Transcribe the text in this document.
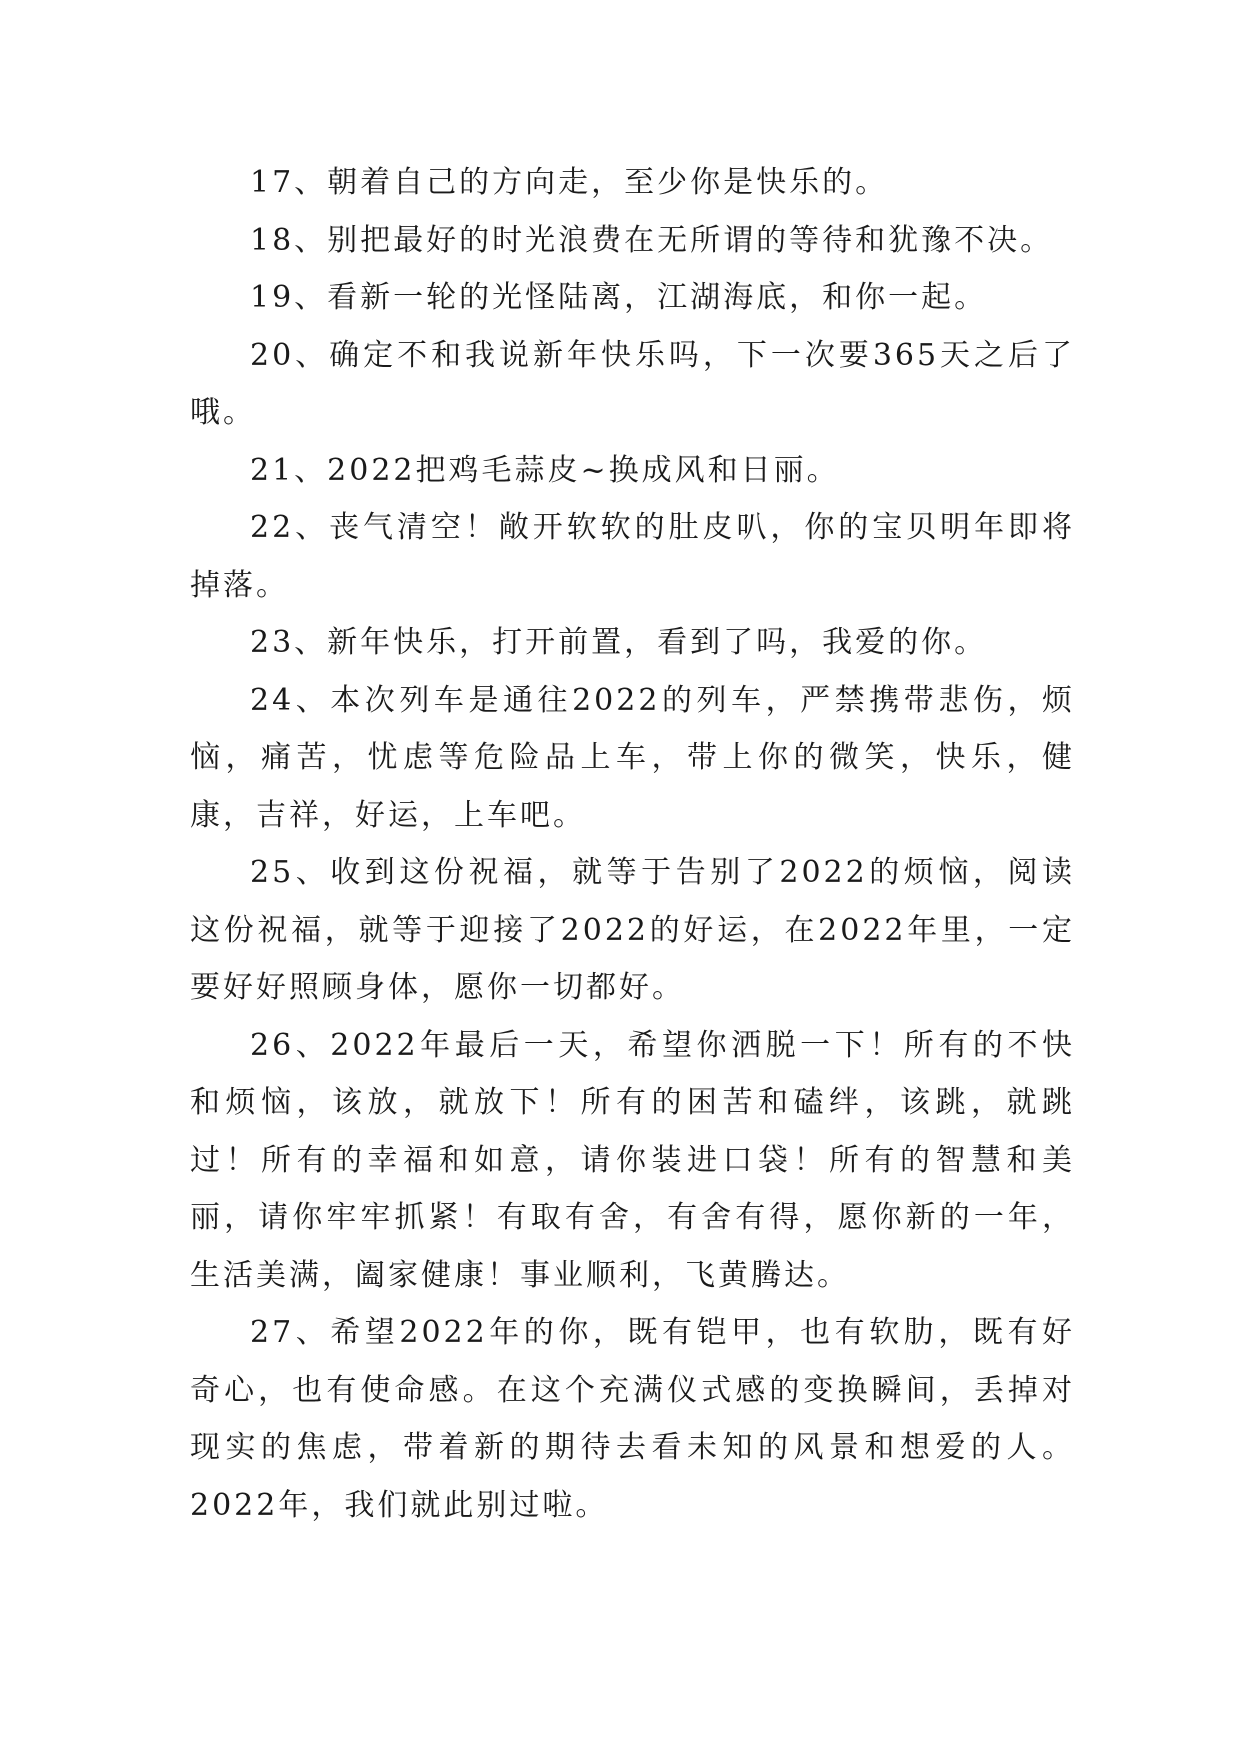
17、朝着自己的方向走，至少你是快乐的。

18、别把最好的时光浪费在无所谓的等待和犹豫不决。

19、看新一轮的光怪陆离，江湖海底，和你一起。

20、确定不和我说新年快乐吗，下一次要365天之后了哦。

21、2022把鸡毛蒜皮~换成风和日丽。

22、丧气清空！敞开软软的肚皮叭，你的宝贝明年即将掉落。

23、新年快乐，打开前置，看到了吗，我爱的你。

24、本次列车是通往2022的列车，严禁携带悲伤，烦恼，痛苦，忧虑等危险品上车，带上你的微笑，快乐，健康，吉祥，好运，上车吧。

25、收到这份祝福，就等于告别了2022的烦恼，阅读这份祝福，就等于迎接了2022的好运，在2022年里，一定要好好照顾身体，愿你一切都好。

26、2022年最后一天，希望你洒脱一下！所有的不快和烦恼，该放，就放下！所有的困苦和磕绊，该跳，就跳过！所有的幸福和如意，请你装进口袋！所有的智慧和美丽，请你牢牢抓紧！有取有舍，有舍有得，愿你新的一年，生活美满，阖家健康！事业顺利，飞黄腾达。

27、希望2022年的你，既有铠甲，也有软肋，既有好奇心，也有使命感。在这个充满仪式感的变换瞬间，丢掉对现实的焦虑，带着新的期待去看未知的风景和想爱的人。2022年，我们就此别过啦。
